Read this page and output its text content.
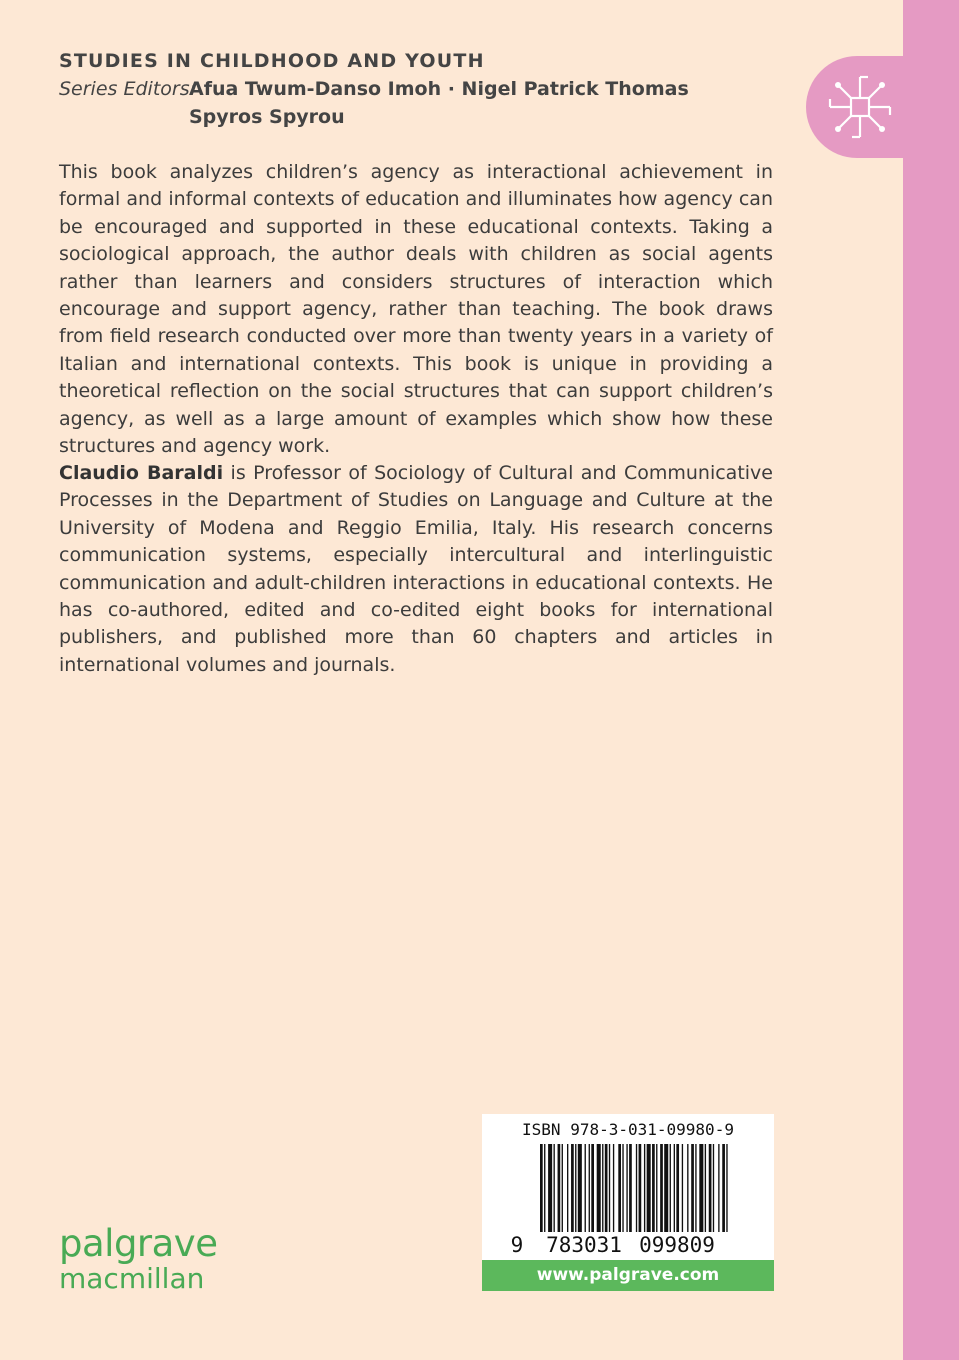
STUDIES IN CHILDHOOD AND YOUTH
Series Editors:
Afua Twum-Danso Imoh · Nigel Patrick Thomas
Spyros Spyrou
This book analyzes children’s agency as interactional achievement in formal and informal contexts of education and illuminates how agency can be encouraged and supported in these educational contexts. Taking a sociological approach, the author deals with children as social agents rather than learners and considers structures of interaction which encourage and support agency, rather than teaching. The book draws from field research conducted over more than twenty years in a variety of Italian and international contexts. This book is unique in providing a theoretical reflection on the social structures that can support children’s agency, as well as a large amount of examples which show how these structures and agency work.
Claudio Baraldi is Professor of Sociology of Cultural and Communicative Processes in the Department of Studies on Language and Culture at the University of Modena and Reggio Emilia, Italy. His research concerns communication systems, especially intercultural and interlinguistic communication and adult-children interactions in educational contexts. He has co-authored, edited and co-edited eight books for international publishers, and published more than 60 chapters and articles in international volumes and journals.
ISBN 978-3-031-09980-9
9 783031 099809
www.palgrave.com
palgrave
macmillan
